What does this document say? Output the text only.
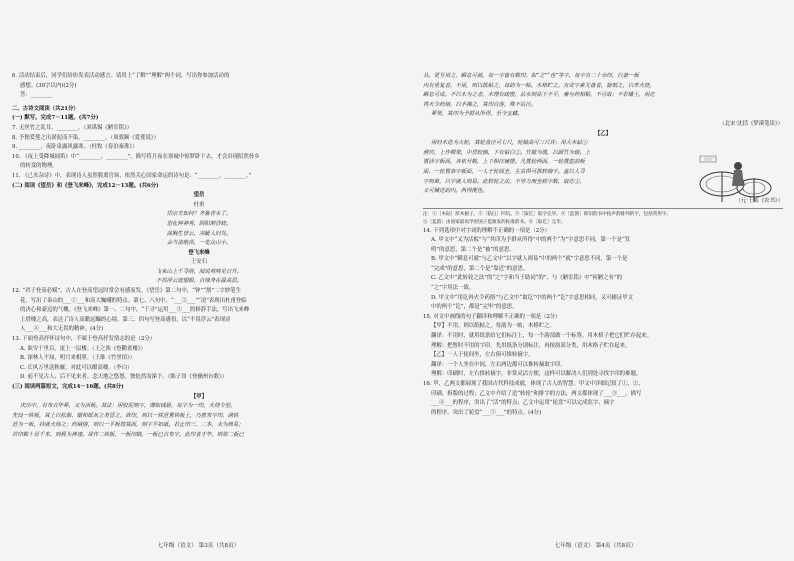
6. 活动结束后，同学们纷纷发表活动感言。请用上“了解”“理解”两个词，写出你参加活动的
感想。(30字以内)(2分)
答：________
二、古诗文阅读（共21分）
(一) 默写。完成7－11题。(共7分)
7. 无丝竹之乱耳，________。（刘禹锡《陋室铭》）
8. 予独爱莲之出淤泥而不染，________。（周敦颐《爱莲说》）
9. ________，夜卧泉露风露寒。（杜牧《春泊秦淮》）
10. 《夜上受降城闻笛》中“________，________”，描写将月夜在塞城中惊梦卧下去，才会出现陪然怀乡
的转变的物理。
11. 《己亥杂诗》中，表现诗人虽然脱离官场，依然关心国家命运的诗句是：“________，________。”
(二) 阅读《望岳》和《登飞来峰》，完成12－13题。(共6分)
望岳
杜甫
岱宗夫如何？齐鲁青未了。
造化钟神秀，阴阳割昏晓。
荡胸生曾云，决眦入归鸟。
会当凌绝顶，一览众山小。
登飞来峰
王安石
飞来山上千寻塔，闻说鸡鸣见日升。
不畏浮云遮望眼，自缘身在最高层。
12. “君子登高必赋”，古人在登高望远时常会有感而发。《望岳》第二句中，“钟”“割”二字妙笔生
花，写出了泰山的___①___和高大巍峨的特点。第七、八句中，“___②___”“凌”表现出杜甫登临
的决心和豪迈的气概。《登飞来峰》第一、二句中，“千寻”运用___③___的修辞手法，写出飞来峰
上塔楼之高，表达了诗人高瞻远瞩的心境。第三、四句写登高感悟，以“不畏浮云”表现诗
人___④___和大无畏的精神。(4分)
13. 下面登高抒怀诗句中，不属于登高抒发情志的是（2分）
A. 欲穷千里目，更上一层楼。（王之涣《登鹳雀楼》）
B. 深林人不知，明月来相照。（王维《竹里馆》）
C. 长风万里送秋雁，对此可以酣高楼。（李白）
D. 前不见古人，后不见来者。念天地之悠悠，独怆然而涕下。（陈子昂《登幽州台歌》）
(三) 阅读两篇短文，完成14－16题。(共8分)
【甲】
庆历中，有布衣毕昇，又为活板。其法：用胶泥刻字，薄如钱唇，每字为一印，火烧令坚。
先设一铁板，其上以松脂、蜡和纸灰之类冒之。欲印，则以一铁范置铁板上，乃密布字印。满铁
范为一板，持就火炀之；药稍熔，则以一平板按其面，则字平如砥。若止印三、二本，未为简易；
若印数十百千本，则极为神速。常作二铁板，一板印刷，一板已自布字，此印者才毕，则第二板已
七年级（语文） 第3页（共8页）
具。更互用之，瞬息可就。每一字皆有数印，如“之”“也”等字，每字有二十余印，以备一板
内有重复者。不用，则以纸帖之，每韵为一帖，木格贮之。有奇字素无备者，旋刻之，以草火烧，
瞬息可成。不以木为之者，木理有疏密，沾水则高下不平，兼与药相粘，不可取；不若燔土，用讫
再火令药熔，以手拂之，其印自落，殊不沾污。
昇死，其印为予群从所得，至今宝藏。
（北宋·沈括《梦溪笔谈》）
【乙】
用轻木造为大轮，其轮盘径可七尺，轮轴高可三尺许；用大木砧①
凿窍，上作横架，中贯轮轴，下有钻臼②。竹破为篾，以圆竹为轴，上
置活字板面，各依号数，上下相次铺摆。凡置轮两面，一轮置监韵板
面，一轮置杂字板面，一人于轮间坐，左右俱可推转摘字。盖以人寻
字则难，以字就人则易。此转轮之法，不劳力而坐致字数，取讫③，
又可铺还韵内。两得便也。
（元·王祯《农书》）
注：①［木砧］厚木板子。②［钻臼］凹坑。③［取讫］取字完毕。④［监韵］即旧韵书中按声韵排列的字，包括常用字。
⑤［监韵］由国家最高学府国子监颁发的标准韵书。⑥［取讫］完毕。
14. 下列选项中对字词的理解不正确的一项是（2分）
A. 甲文中“又为活板”与“其印为予群从所得”中的两个“为”字意思不同，第一个是“发
明”的意思，第二个是“被”的意思。
B. 甲文中“瞬息可就”与乙文中“以字就人则易”中的两个“就”字意思不同，第一个是
“完成”的意思，第二个是“靠近”的意思。
C. 乙文中“此转轮之法”的“之”字和当于助词“的”，与《陋室铭》中“何陋之有”的
“之”字用法一致。
D. 甲文中“用讫再火令药熔”与乙文中“取讫”中的两个“讫”字意思相同，又可辅证甲文
中的两个“讫”，都是“完毕”的意思。
15. 对文中画线的句子翻译和理解不正确的一项是（2分）
【甲】不用，则以纸帖之，每韵为一帖，木格贮之。
翻译：不用时，就用纸条给它们标注上，每一个韵部做一个标签，用木格子把它们贮存起来。
理解：把暂时不用的字印，先用纸条分别标注，再按韵部分类，用木格子贮存起来。
【乙】一人于轮间坐，左右俱可推转摘字。
翻译：一个人坐在中间，左右两边都可以推转摘取字印。
理解：印刷时，左右推转摘字，非常灵活方便，这样可以解决人们到处寻找字印的难题。
16. 甲、乙两文都展现了我国古代科技成就，体现了古人的智慧。甲文中详细记叙了①、②、
印刷、拆版的过程；乙文中介绍了造“转轮”和排字的方法，两文都体现了___③___，描写
___④___的程序，突出了“活”的特点；乙文中运用“轮盘”可以完成监字、摘字
的程序，突出了轮盘“___⑤___”的特点。(4分)
七年级（语文） 第4页（共8页）
